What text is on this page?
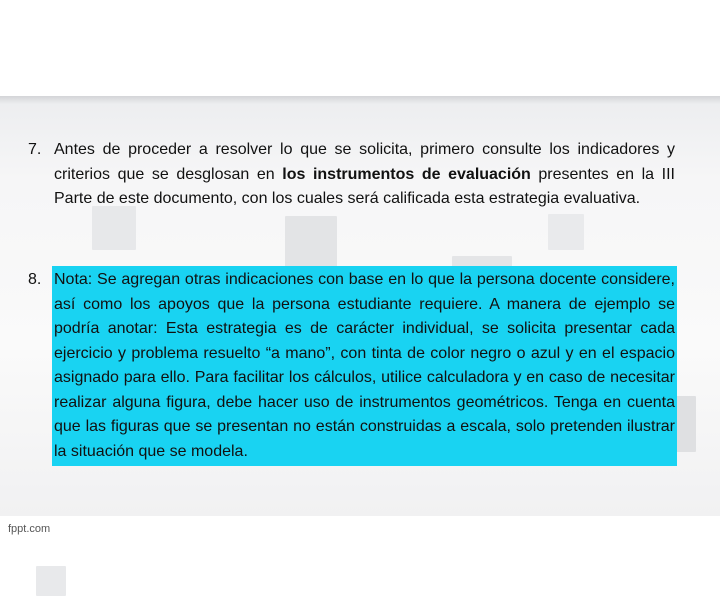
7. Antes de proceder a resolver lo que se solicita, primero consulte los indicadores y criterios que se desglosan en los instrumentos de evaluación presentes en la III Parte de este documento, con los cuales será calificada esta estrategia evaluativa.
8. Nota: Se agregan otras indicaciones con base en lo que la persona docente considere, así como los apoyos que la persona estudiante requiere. A manera de ejemplo se podría anotar: Esta estrategia es de carácter individual, se solicita presentar cada ejercicio y problema resuelto “a mano”, con tinta de color negro o azul y en el espacio asignado para ello. Para facilitar los cálculos, utilice calculadora y en caso de necesitar realizar alguna figura, debe hacer uso de instrumentos geométricos. Tenga en cuenta que las figuras que se presentan no están construidas a escala, solo pretenden ilustrar la situación que se modela.
fppt.com
